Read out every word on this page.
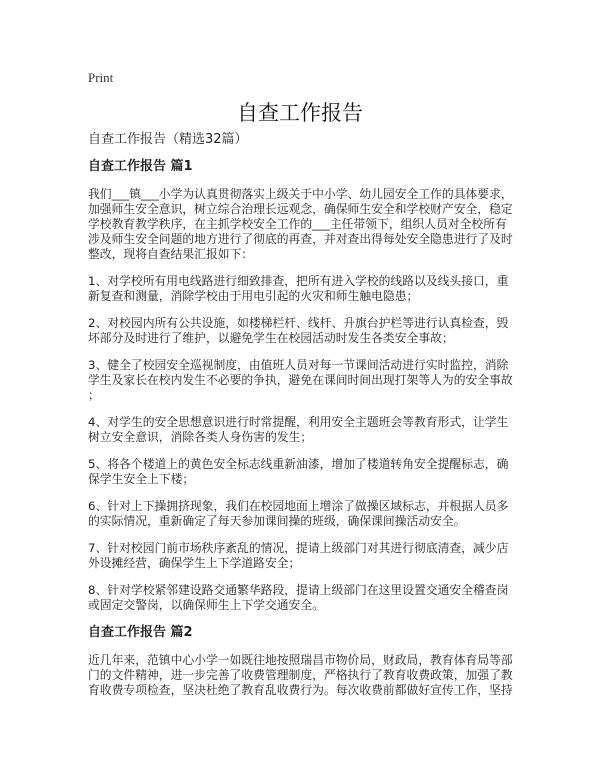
Print
自查工作报告
自查工作报告（精选32篇）
自查工作报告 篇1
我们___镇___小学为认真贯彻落实上级关于中小学、幼儿园安全工作的具体要求，
加强师生安全意识，树立综合治理长远观念，确保师生安全和学校财产安全，稳定
学校教育教学秩序，在主抓学校安全工作的___主任带领下，组织人员对全校所有
涉及师生安全问题的地方进行了彻底的再查，并对查出得每处安全隐患进行了及时
整改，现将自查结果汇报如下：
1、对学校所有用电线路进行细致排查，把所有进入学校的线路以及线头接口，重
新复查和测量，消除学校由于用电引起的火灾和师生触电隐患；
2、对校园内所有公共设施，如楼梯栏杆、线杆、升旗台护栏等进行认真检查，毁
坏部分及时进行了维护，以避免学生在校园活动时发生各类安全事故；
3、健全了校园安全巡视制度，由值班人员对每一节课间活动进行实时监控，消除
学生及家长在校内发生不必要的争执，避免在课间时间出现打架等人为的安全事故
；
4、对学生的安全思想意识进行时常提醒，利用安全主题班会等教育形式，让学生
树立安全意识，消除各类人身伤害的发生；
5、将各个楼道上的黄色安全标志线重新油漆，增加了楼道转角安全提醒标志，确
保学生安全上下楼；
6、针对上下操拥挤现象，我们在校园地面上增涂了做操区域标志，并根据人员多
的实际情况，重新确定了每天参加课间操的班级，确保课间操活动安全。
7、针对校园门前市场秩序紊乱的情况，提请上级部门对其进行彻底清查，减少店
外设摊经营，确保学生上下学道路安全；
8、针对学校紧邻建设路交通繁华路段，提请上级部门在这里设置交通安全稽查岗
或固定交警岗，以确保师生上下学交通安全。
自查工作报告 篇2
近几年来，范镇中心小学一如既往地按照瑞昌市物价局，财政局，教育体育局等部
门的文件精神，进一步完善了收费管理制度，严格执行了教育收费政策，加强了教
育收费专项检查，坚决杜绝了教育乱收费行为。每次收费前都做好宣传工作，坚持
